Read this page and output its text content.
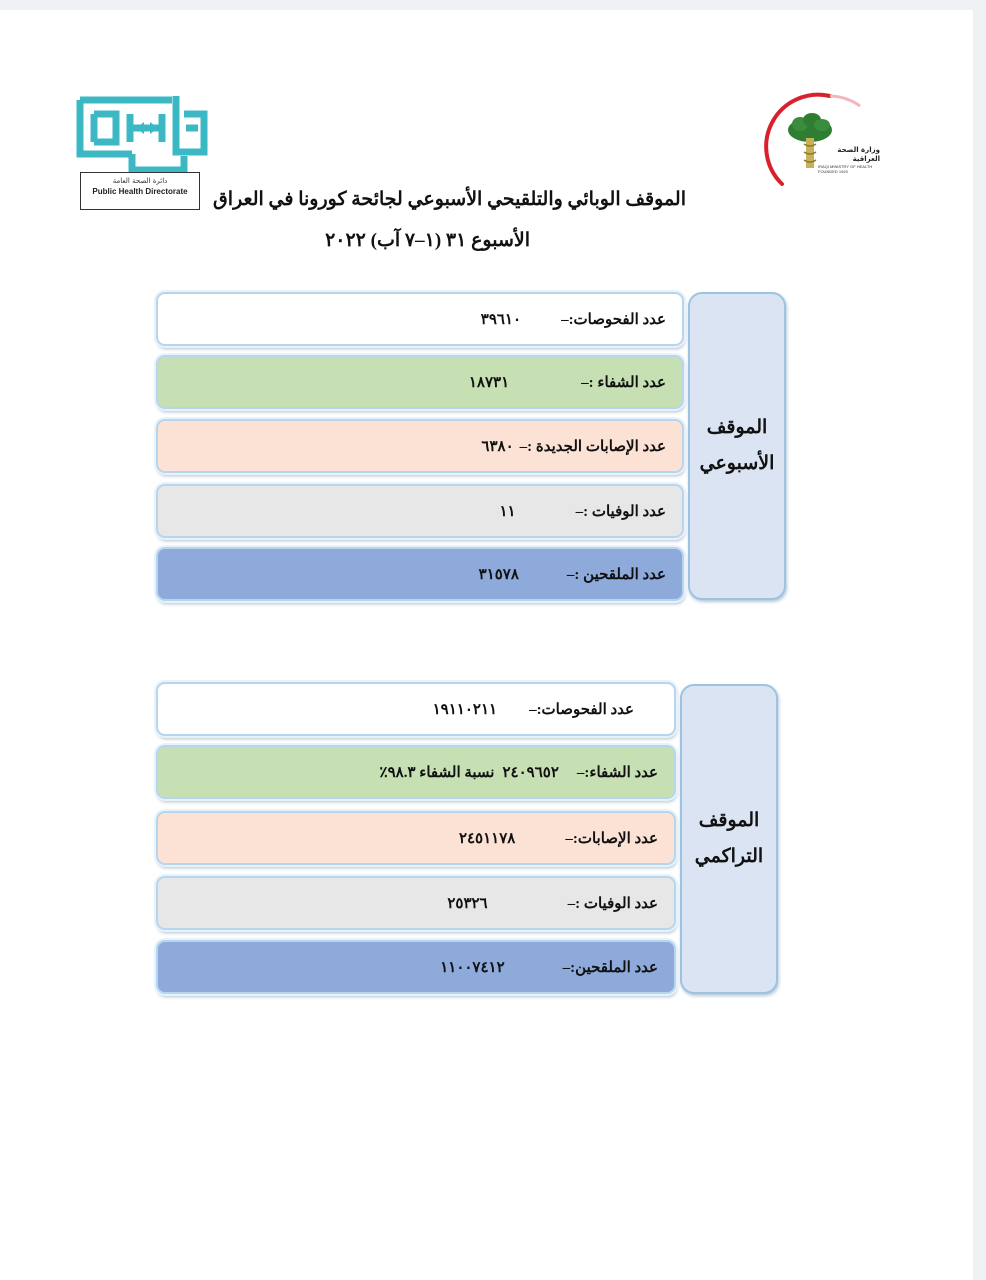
دائرة الصحة العامة
Public Health Directorate
وزارة الصحة العراقية
IRAQI MINISTRY OF HEALTH
FOUNDED 1920
الموقف الوبائي والتلقيحي الأسبوعي لجائحة كورونا في العراق
الأسبوع ٣١ (١–٧ آب) ٢٠٢٢
الموقف
الأسبوعي
عدد الفحوصات:–
٣٩٦١٠
عدد الشفاء :–
١٨٧٣١
عدد الإصابات الجديدة :–
٦٣٨٠
عدد الوفيات :–
١١
عدد الملقحين :–
٣١٥٧٨
الموقف
التراكمي
عدد الفحوصات:–
١٩١١٠٢١١
عدد الشفاء:–
٢٤٠٩٦٥٢
نسبة الشفاء ٩٨.٣٪
عدد الإصابات:–
٢٤٥١١٧٨
عدد الوفيات :–
٢٥٣٢٦
عدد الملقحين:–
١١٠٠٧٤١٢
